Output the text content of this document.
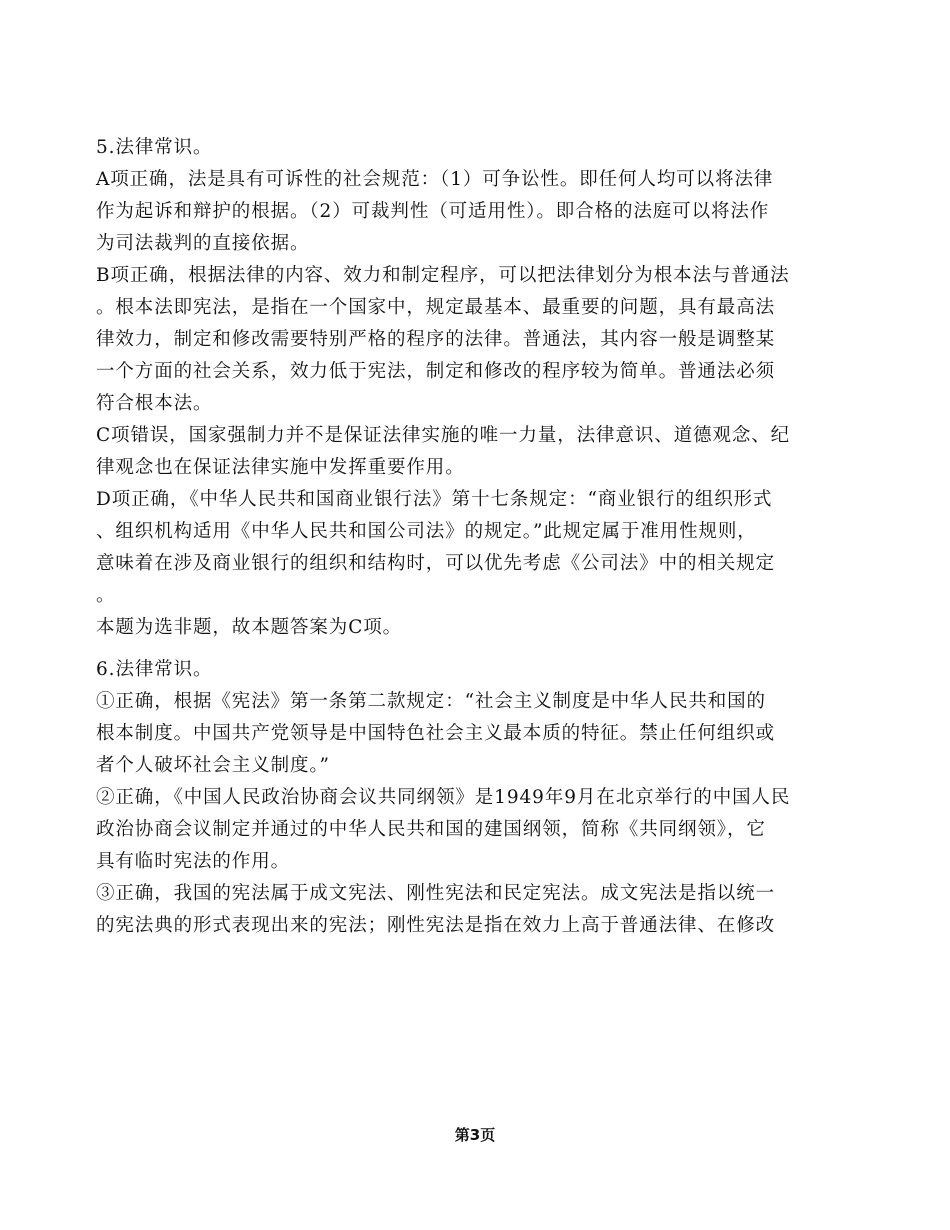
5.法律常识。
A项正确，法是具有可诉性的社会规范：（1）可争讼性。即任何人均可以将法律
作为起诉和辩护的根据。（2）可裁判性（可适用性）。即合格的法庭可以将法作
为司法裁判的直接依据。
B项正确，根据法律的内容、效力和制定程序，可以把法律划分为根本法与普通法
。根本法即宪法，是指在一个国家中，规定最基本、最重要的问题，具有最高法
律效力，制定和修改需要特别严格的程序的法律。普通法，其内容一般是调整某
一个方面的社会关系，效力低于宪法，制定和修改的程序较为简单。普通法必须
符合根本法。
C项错误，国家强制力并不是保证法律实施的唯一力量，法律意识、道德观念、纪
律观念也在保证法律实施中发挥重要作用。
D项正确，《中华人民共和国商业银行法》第十七条规定：“商业银行的组织形式
、组织机构适用《中华人民共和国公司法》的规定。”此规定属于准用性规则，
意味着在涉及商业银行的组织和结构时，可以优先考虑《公司法》中的相关规定
。
本题为选非题，故本题答案为C项。
6.法律常识。
①正确，根据《宪法》第一条第二款规定：“社会主义制度是中华人民共和国的
根本制度。中国共产党领导是中国特色社会主义最本质的特征。禁止任何组织或
者个人破坏社会主义制度。”
②正确，《中国人民政治协商会议共同纲领》是1949年9月在北京举行的中国人民
政治协商会议制定并通过的中华人民共和国的建国纲领，简称《共同纲领》，它
具有临时宪法的作用。
③正确，我国的宪法属于成文宪法、刚性宪法和民定宪法。成文宪法是指以统一
的宪法典的形式表现出来的宪法；刚性宪法是指在效力上高于普通法律、在修改
第3页
